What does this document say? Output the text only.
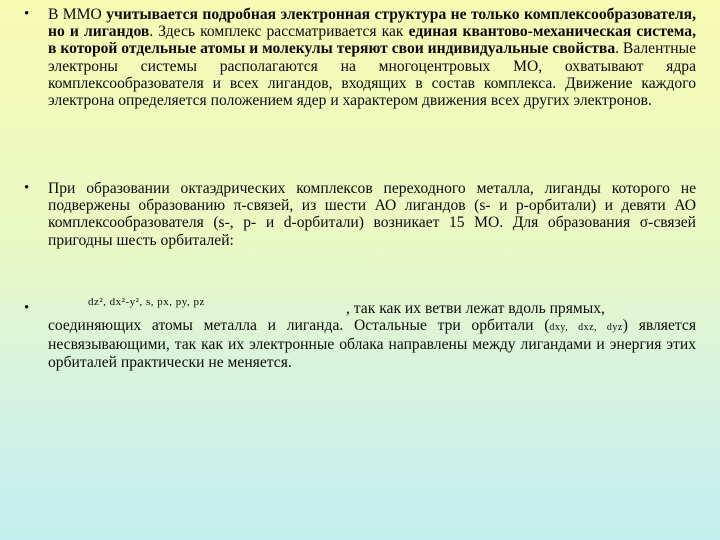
• В ММО учитывается подробная электронная структура не только комплексообразователя, но и лигандов. Здесь комплекс рассматривается как единая квантово-механическая система, в которой отдельные атомы и молекулы теряют свои индивидуальные свойства. Валентные электроны системы располагаются на многоцентровых МО, охватывают ядра комплексообразователя и всех лигандов, входящих в состав комплекса. Движение каждого электрона определяется положением ядер и характером движения всех других электронов.
• При образовании октаэдрических комплексов переходного металла, лиганды которого не подвержены образованию π-связей, из шести АО лигандов (s- и p-орбитали) и девяти АО комплексообразователя (s-, p- и d-орбитали) возникает 15 МО. Для образования σ-связей пригодны шесть орбиталей:
•	dz², dx²-y², s, px, py, pz	, так как их ветви лежат вдоль прямых,
соединяющих атомы металла и лиганда. Остальные три орбитали (dxy, dxz, dyz) является несвязывающими, так как их электронные облака направлены между лигандами и энергия этих орбиталей практически не меняется.
